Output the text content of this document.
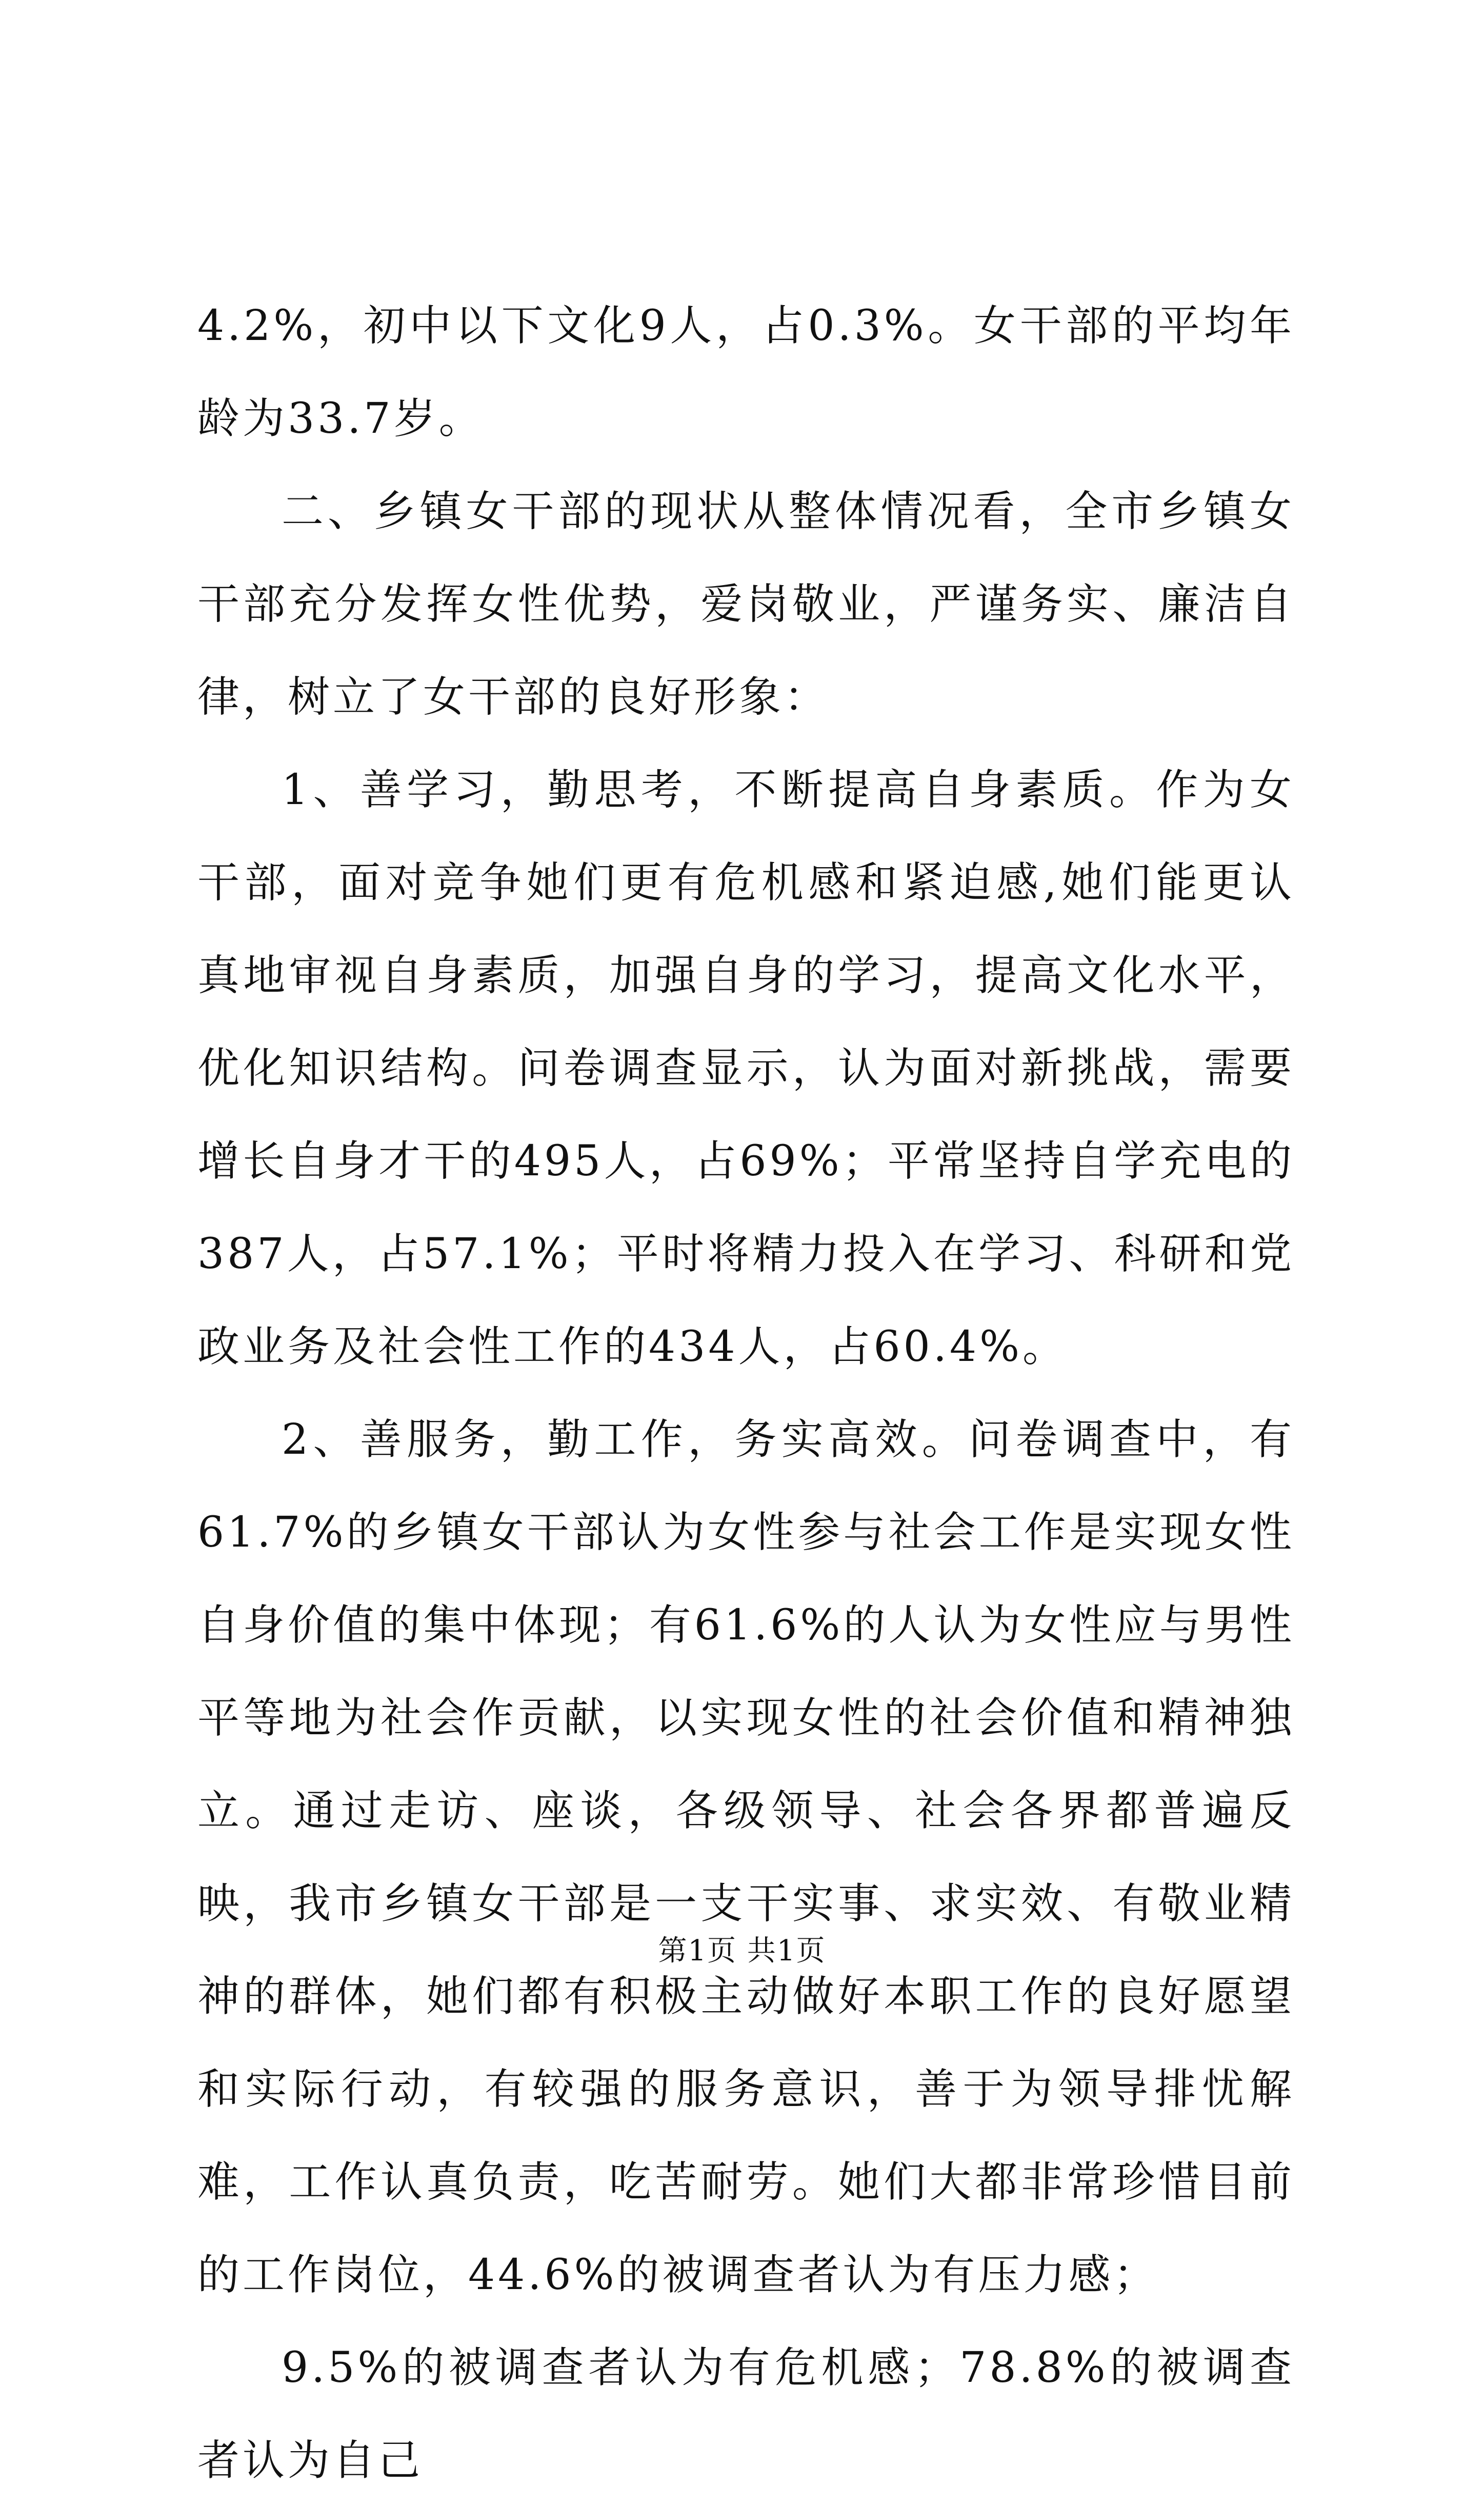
4.2%，初中以下文化9人，占0.3%。女干部的平均年龄为33.7岁。

二、乡镇女干部的现状从整体情况看，全市乡镇女干部充分发挥女性优势，爱岗敬业，严谨务实、廉洁自律，树立了女干部的良好形象：

1、善学习，勤思考，不断提高自身素质。作为女干部，面对竞争她们更有危机感和紧迫感,她们能更认真地审视自身素质，加强自身的学习，提高文化水平，优化知识结构。问卷调查显示，认为面对新挑战，需要增长自身才干的495人，占69%；平常坚持自学充电的387人，占57.1%；平时将精力投入在学习、科研和党政业务及社会性工作的434人，占60.4%。

2、善服务，勤工作，务实高效。问卷调查中，有61.7%的乡镇女干部认为女性参与社会工作是实现女性自身价值的集中体现；有61.6%的人认为女性应与男性平等地为社会作贡献，以实现女性的社会价值和精神独立。通过走访、座谈，各级领导、社会各界都普遍反映，我市乡镇女干部是一支干实事、求实效、有敬业精神的群体，她们都有积极主动做好本职工作的良好愿望和实际行动，有较强的服务意识，善于为领导排忧解难，工作认真负责，吃苦耐劳。她们大都非常珍惜目前的工作岗位，44.6%的被调查者认为有压力感；

9.5%的被调查者认为有危机感；78.8%的被调查者认为自己

第1页 共1页
